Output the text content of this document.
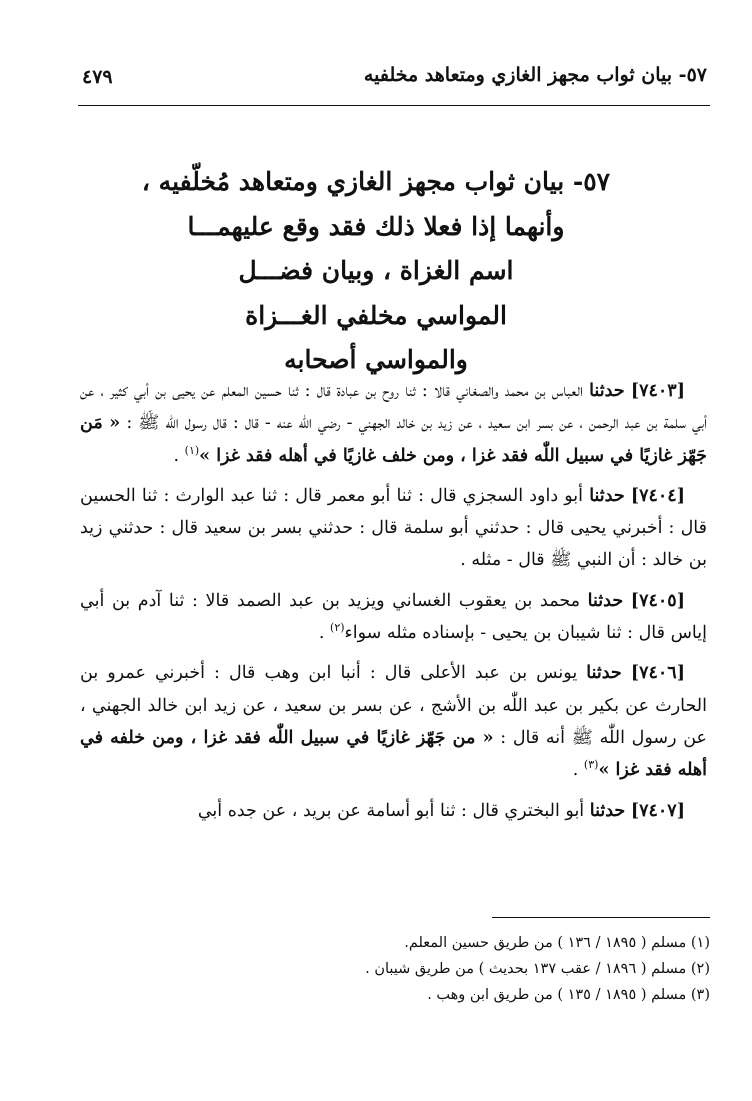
٥٧- بيان ثواب مجهز الغازي ومتعاهد مخلفيه
٤٧٩
٥٧- بيان ثواب مجهز الغازي ومتعاهد مُخلّفيه ،
وأنهما إذا فعلا ذلك فقد وقع عليهمـــا
اسم الغزاة ، وبيان فضـــل
المواسي مخلفي الغـــزاة
والمواسي أصحابه

[٧٤٠٣] حدثنا العباس بن محمد والصغاني قالا : ثنا روح بن عبادة قال : ثنا حسين المعلم عن يحيى بن أبي كثير ، عن أبي سلمة بن عبد الرحمن ، عن بسر ابن سعيد ، عن زيد بن خالد الجهني - رضي اللّٰه عنه - قال : قال رسول اللّٰه ﷺ : « مَن جَهّز غازيًا في سبيل اللّٰه فقد غزا ، ومن خلف غازيًا في أهله فقد غزا »$^{(١)}$ .

[٧٤٠٤] حدثنا أبو داود السجزي قال : ثنا أبو معمر قال : ثنا عبد الوارث : ثنا الحسين قال : أخبرني يحيى قال : حدثني أبو سلمة قال : حدثني بسر بن سعيد قال : حدثني زيد بن خالد : أن النبي ﷺ قال - مثله .

[٧٤٠٥] حدثنا محمد بن يعقوب الغساني ويزيد بن عبد الصمد قالا : ثنا آدم بن أبي إياس قال : ثنا شيبان بن يحيى - بإسناده مثله سواء$^{(٢)}$ .

[٧٤٠٦] حدثنا يونس بن عبد الأعلى قال : أنبا ابن وهب قال : أخبرني عمرو بن الحارث عن بكير بن عبد اللّٰه بن الأشج ، عن بسر بن سعيد ، عن زيد ابن خالد الجهني ، عن رسول اللّٰه ﷺ أنه قال : « من جَهّز غازيًا في سبيل اللّٰه فقد غزا ، ومن خلفه في أهله فقد غزا »$^{(٣)}$ .

[٧٤٠٧] حدثنا أبو البختري قال : ثنا أبو أسامة عن بريد ، عن جده أبي

(١) مسلم ( ١٨٩٥ / ١٣٦ ) من طريق حسين المعلم.
(٢) مسلم ( ١٨٩٦ / عقب ١٣٧ بحديث ) من طريق شيبان .
(٣) مسلم ( ١٨٩٥ / ١٣٥ ) من طريق ابن وهب .
